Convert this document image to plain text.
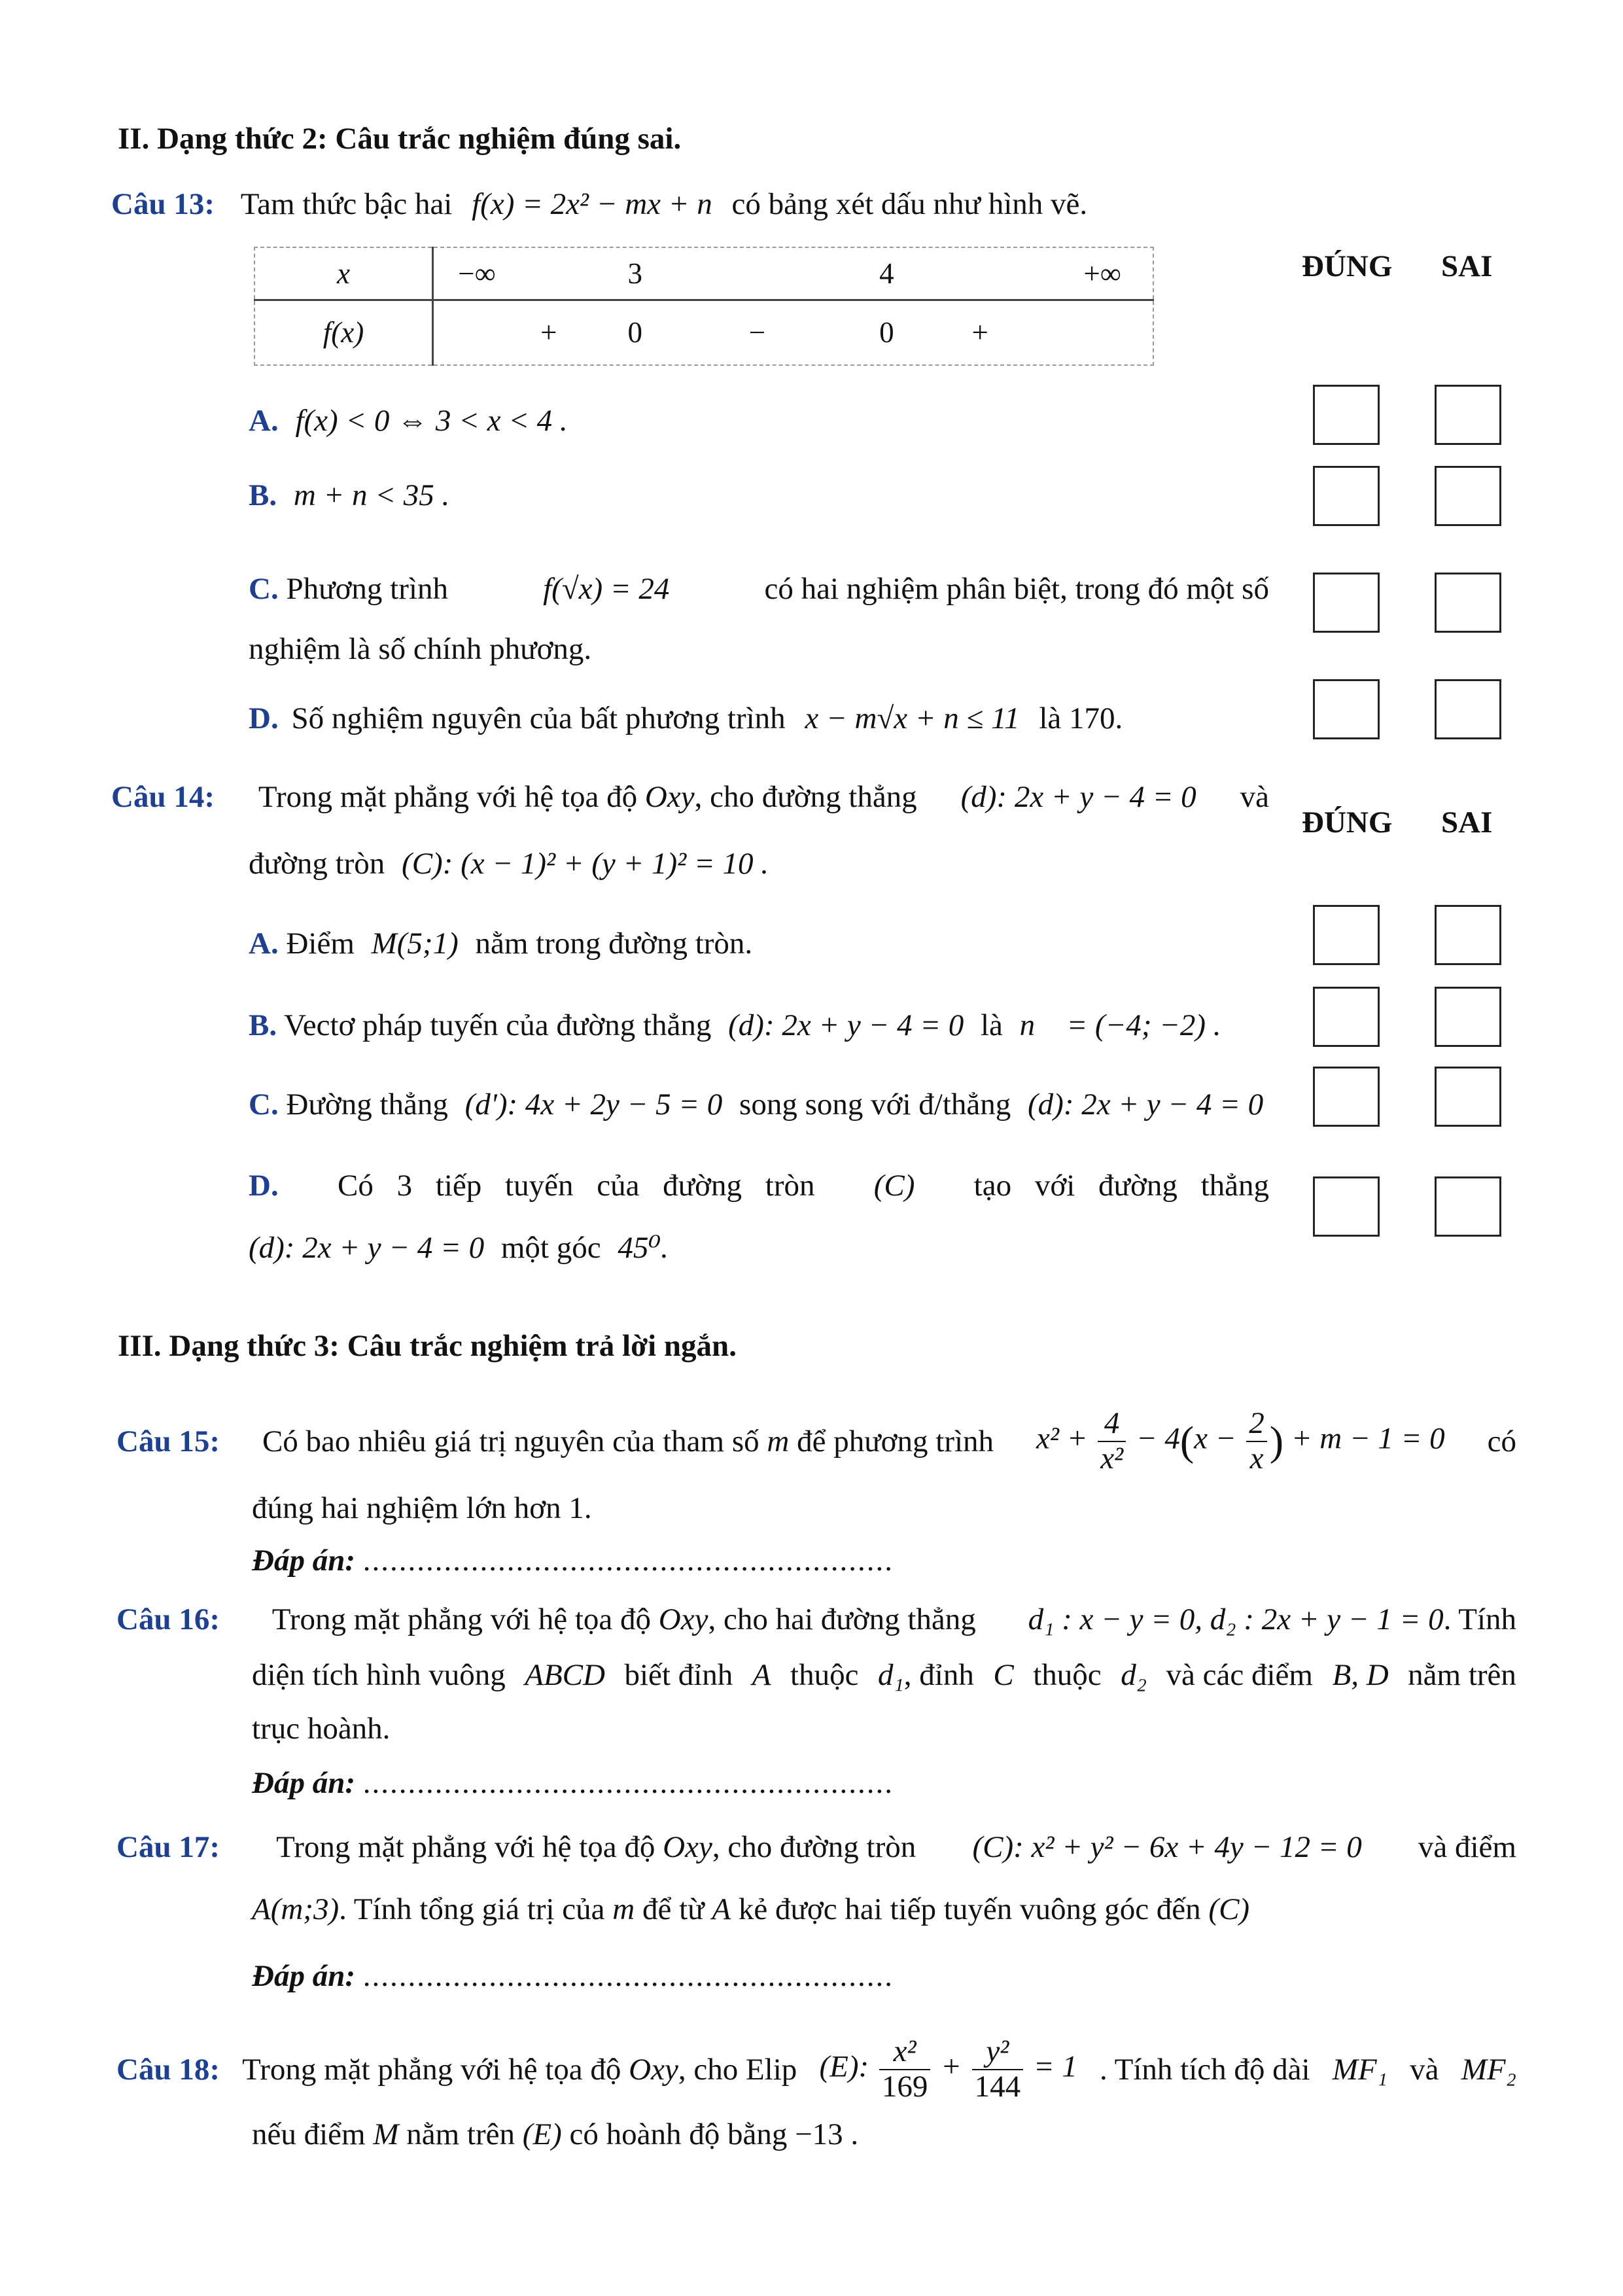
II. Dạng thức 2: Câu trắc nghiệm đúng sai.
Câu 13: Tam thức bậc hai f(x) = 2x² − mx + n có bảng xét dấu như hình vẽ.
x	−∞ 3 4 +∞

f(x)	+ 0 − 0 +
ĐÚNG SAI
A. f(x) < 0 ⇔ 3 < x < 4 .
B. m + n < 35 .
C. Phương trình	f(√x) = 24	có hai nghiệm phân biệt, trong đó một số
nghiệm là số chính phương.
D. Số nghiệm nguyên của bất phương trình x − m√x + n ≤ 11 là 170.
Câu 14: Trong mặt phẳng với hệ tọa độ Oxy, cho đường thẳng (d): 2x + y − 4 = 0 và
đường tròn (C): (x − 1)² + (y + 1)² = 10 .
ĐÚNG SAI
A. Điểm M(5;1) nằm trong đường tròn.
B. Vectơ pháp tuyến của đường thẳng (d): 2x + y − 4 = 0 là n⃗ = (−4; −2) .
C. Đường thẳng (d'): 4x + 2y − 5 = 0 song song với đ/thẳng (d): 2x + y − 4 = 0
D. Có 3 tiếp tuyến của đường tròn (C) tạo với đường thẳng
(d): 2x + y − 4 = 0 một góc 45⁰.
III. Dạng thức 3: Câu trắc nghiệm trả lời ngắn.
Câu 15: Có bao nhiêu giá trị nguyên của tham số m để phương trình $x^2 + \frac{4}{\text{x²}} - 4(x - \frac{2}{x}$ ) + m − 1 = 0 có
đúng hai nghiệm lớn hơn 1.
Đáp án: ...........................................................
Câu 16: Trong mặt phẳng với hệ tọa độ Oxy, cho hai đường thẳng d₁ : x − y = 0, d₂ : 2x + y − 1 = 0. Tính
diện tích hình vuông ABCD biết đỉnh A thuộc d₁, đỉnh C thuộc d₂ và các điểm B, D nằm trên
trục hoành.
Đáp án: ...........................................................
Câu 17: Trong mặt phẳng với hệ tọa độ Oxy, cho đường tròn (C): x² + y² − 6x + 4y − 12 = 0 và điểm
A(m;3). Tính tổng giá trị của m để từ A kẻ được hai tiếp tuyến vuông góc đến (C)
Đáp án: ...........................................................
Câu 18: Trong mặt phẳng với hệ tọa độ Oxy, cho Elip (E): $\frac{\text{x²}}{169} + \frac{\text{y²}}{144} = 1$ . Tính tích độ dài MF₁ và MF₂
nếu điểm M nằm trên (E) có hoành độ bằng −13 .
